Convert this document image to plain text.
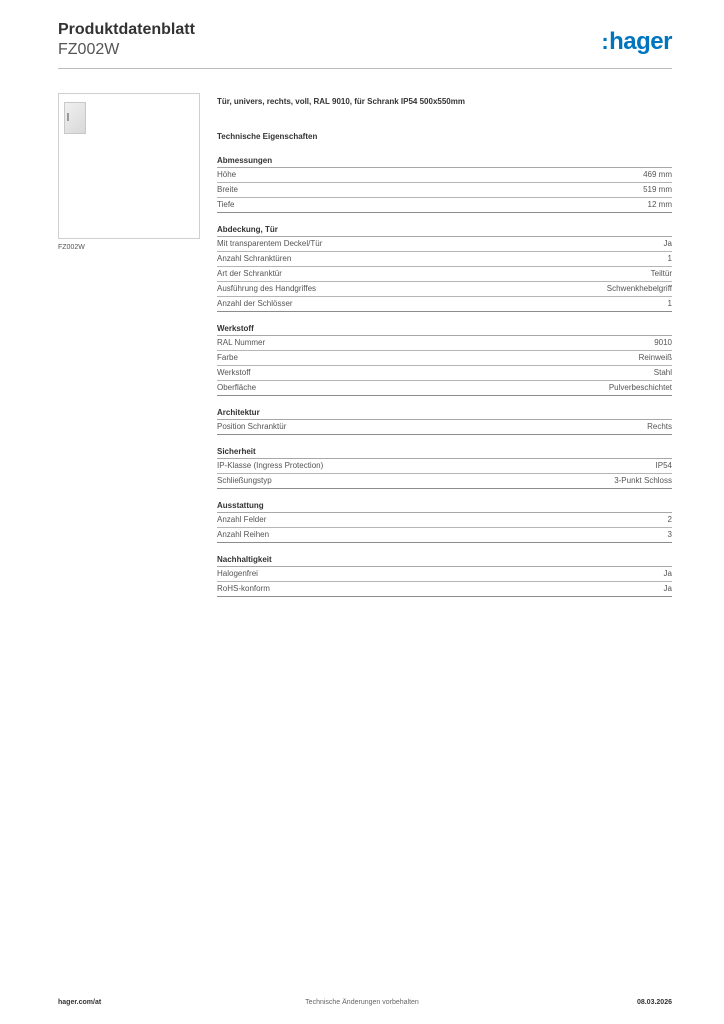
Produktdatenblatt
FZ002W	:hager
FZ002W
Tür, univers, rechts, voll, RAL 9010, für Schrank IP54 500x550mm
Technische Eigenschaften
Abmessungen
Höhe	469 mm
Breite	519 mm
Tiefe	12 mm
Abdeckung, Tür
Mit transparentem Deckel/Tür	Ja
Anzahl Schranktüren	1
Art der Schranktür	Teiltür
Ausführung des Handgriffes	Schwenkhebelgriff
Anzahl der Schlösser	1
Werkstoff
RAL Nummer	9010
Farbe	Reinweiß
Werkstoff	Stahl
Oberfläche	Pulverbeschichtet
Architektur
Position Schranktür	Rechts
Sicherheit
IP-Klasse (Ingress Protection)	IP54
Schließungstyp	3-Punkt Schloss
Ausstattung
Anzahl Felder	2
Anzahl Reihen	3
Nachhaltigkeit
Halogenfrei	Ja
RoHS-konform	Ja
hager.com/at	Technische Änderungen vorbehalten	08.03.2026
